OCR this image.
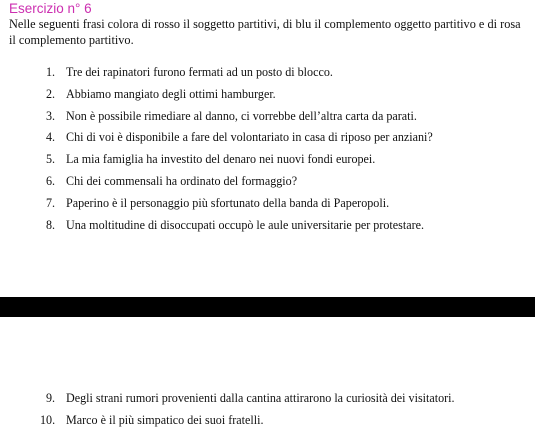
Esercizio n° 6
Nelle seguenti frasi colora di rosso il soggetto partitivi, di blu il complemento oggetto partitivo e di rosa il complemento partitivo.
1. Tre dei rapinatori furono fermati ad un posto di blocco.
2. Abbiamo mangiato degli ottimi hamburger.
3. Non è possibile rimediare al danno, ci vorrebbe dell’altra carta da parati.
4. Chi di voi è disponibile a fare del volontariato in casa di riposo per anziani?
5. La mia famiglia ha investito del denaro nei nuovi fondi europei.
6. Chi dei commensali ha ordinato del formaggio?
7. Paperino è il personaggio più sfortunato della banda di Paperopoli.
8. Una moltitudine di disoccupati occupò le aule universitarie per protestare.
9. Degli strani rumori provenienti dalla cantina attirarono la curiosità dei visitatori.
10. Marco è il più simpatico dei suoi fratelli.
